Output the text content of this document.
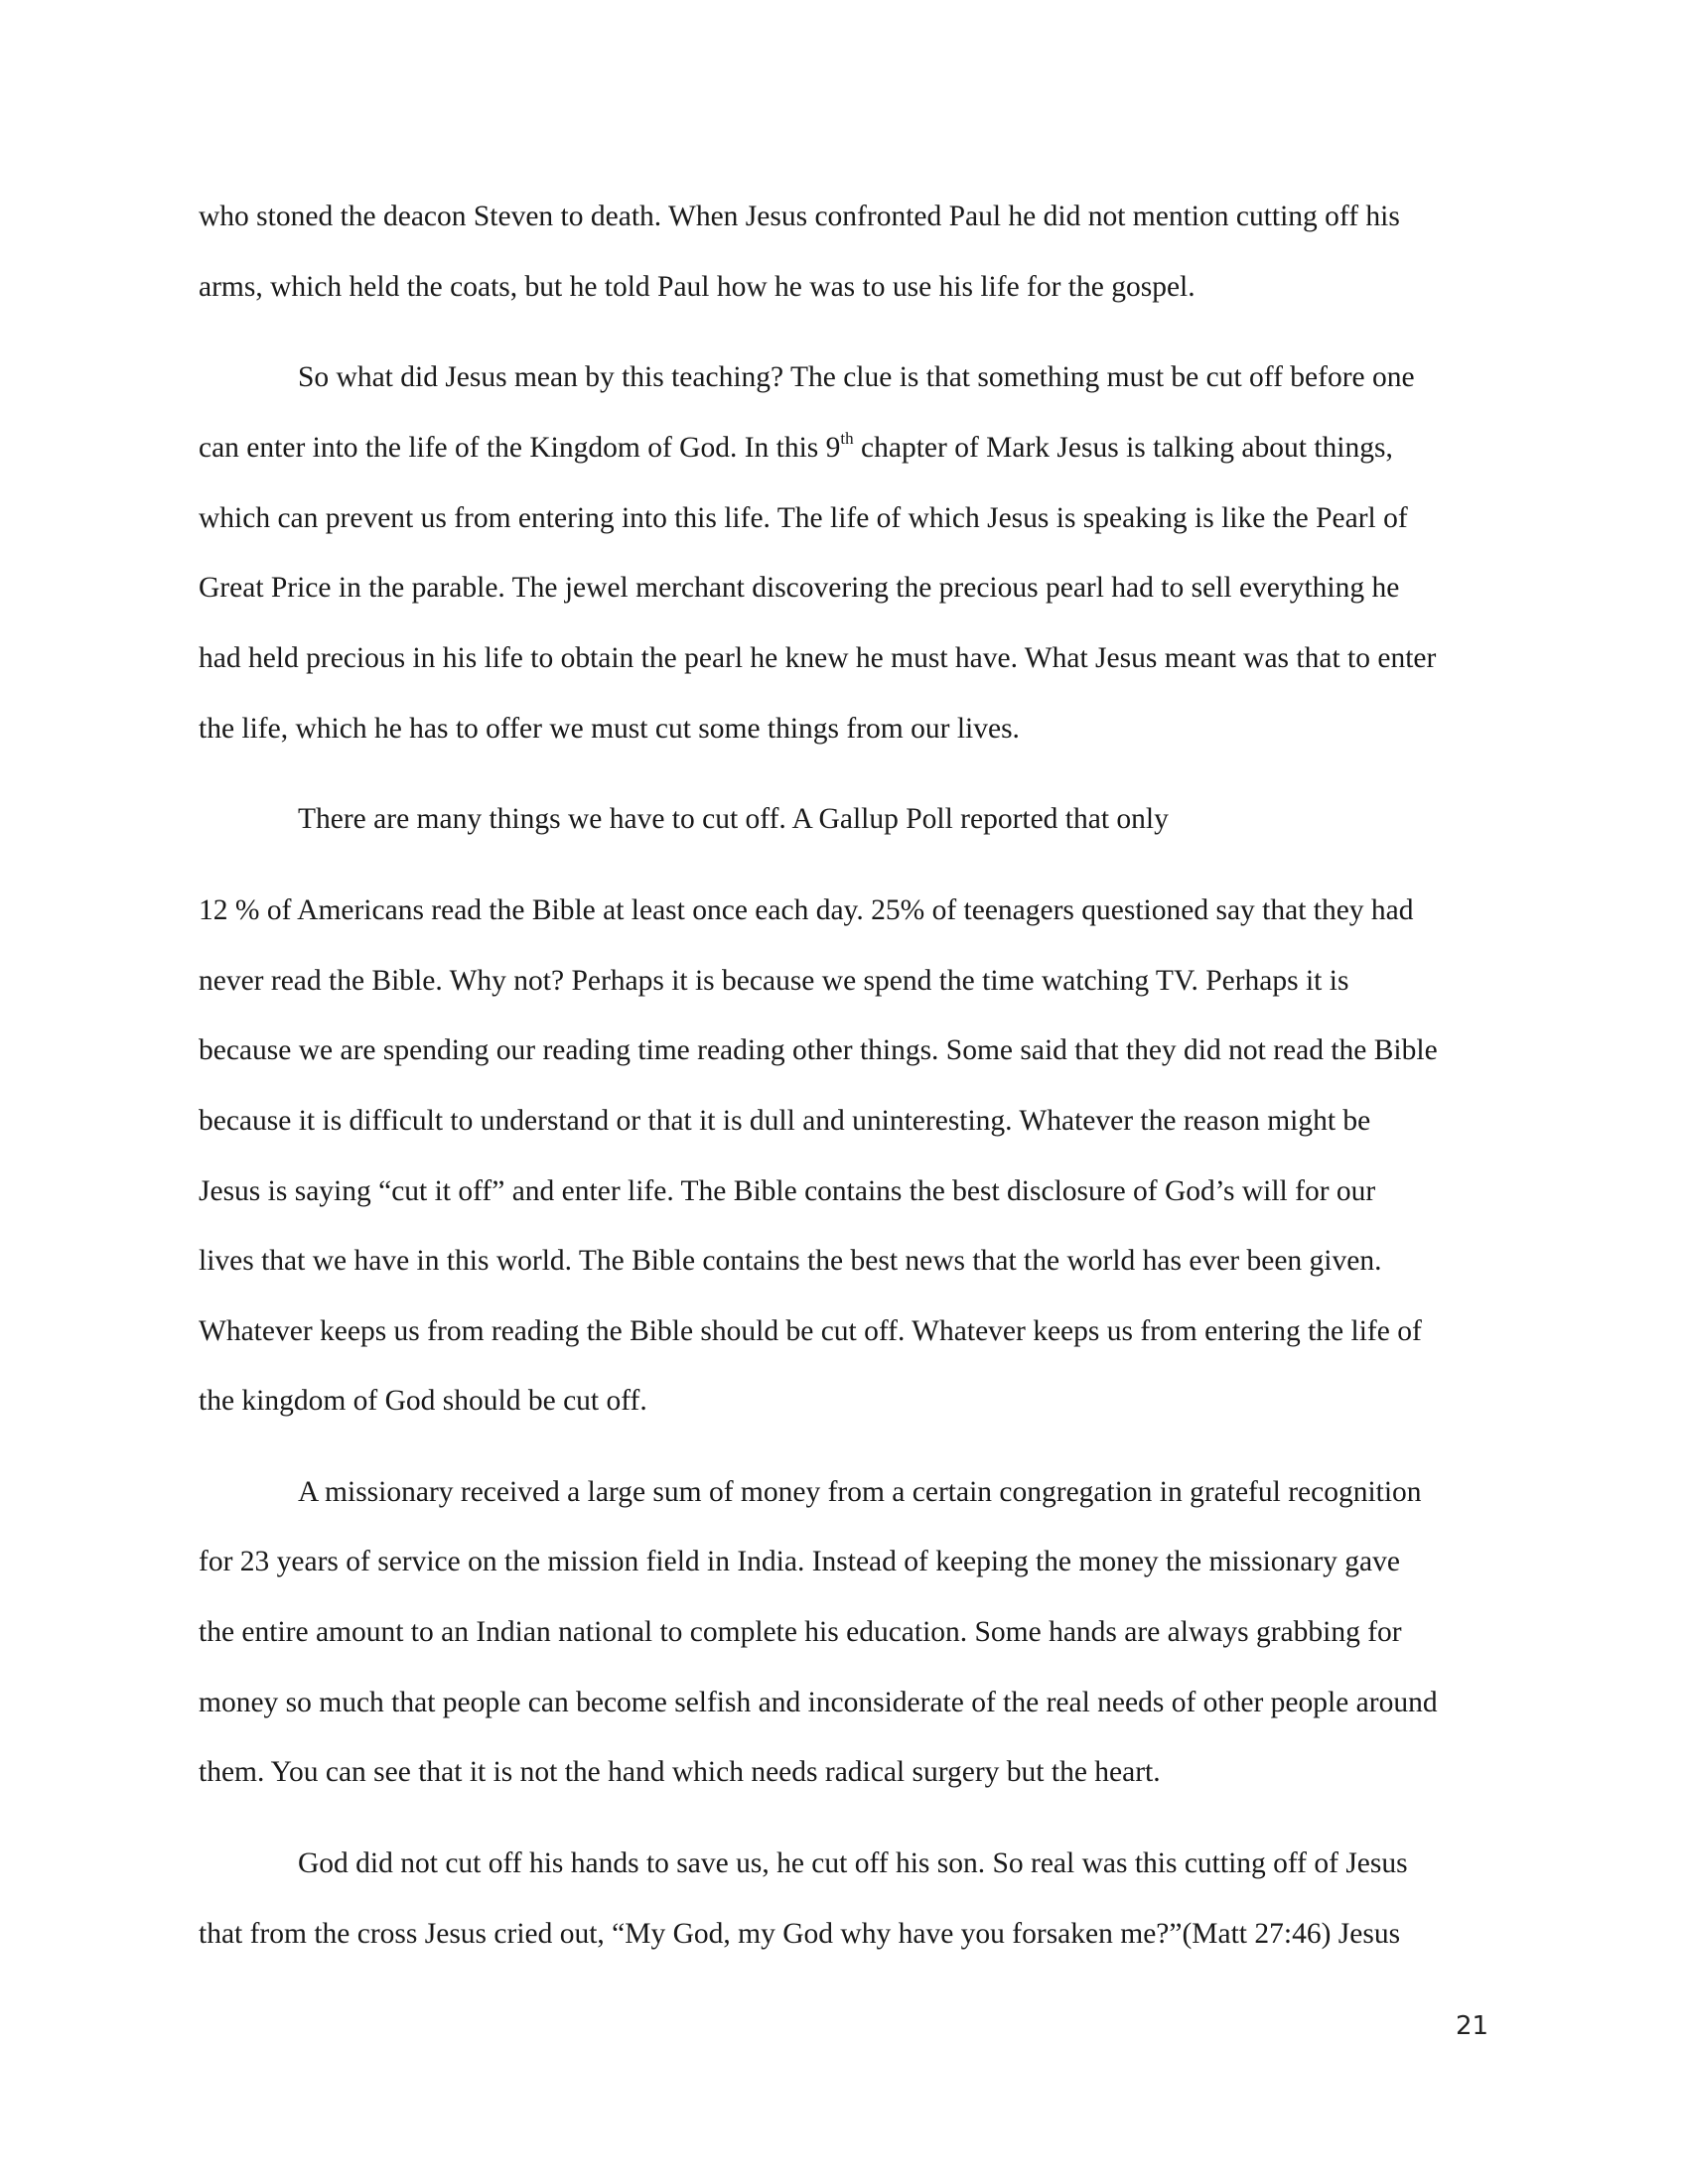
who stoned the deacon Steven to death. When Jesus confronted Paul he did not mention cutting off his
arms, which held the coats, but he told Paul how he was to use his life for the gospel.
So what did Jesus mean by this teaching? The clue is that something must be cut off before one
can enter into the life of the Kingdom of God. In this 9th chapter of Mark Jesus is talking about things,
which can prevent us from entering into this life. The life of which Jesus is speaking is like the Pearl of
Great Price in the parable. The jewel merchant discovering the precious pearl had to sell everything he
had held precious in his life to obtain the pearl he knew he must have. What Jesus meant was that to enter
the life, which he has to offer we must cut some things from our lives.
There are many things we have to cut off. A Gallup Poll reported that only
12 % of Americans read the Bible at least once each day. 25% of teenagers questioned say that they had
never read the Bible. Why not? Perhaps it is because we spend the time watching TV. Perhaps it is
because we are spending our reading time reading other things. Some said that they did not read the Bible
because it is difficult to understand or that it is dull and uninteresting. Whatever the reason might be
Jesus is saying “cut it off” and enter life. The Bible contains the best disclosure of God’s will for our
lives that we have in this world. The Bible contains the best news that the world has ever been given.
Whatever keeps us from reading the Bible should be cut off. Whatever keeps us from entering the life of
the kingdom of God should be cut off.
A missionary received a large sum of money from a certain congregation in grateful recognition
for 23 years of service on the mission field in India. Instead of keeping the money the missionary gave
the entire amount to an Indian national to complete his education. Some hands are always grabbing for
money so much that people can become selfish and inconsiderate of the real needs of other people around
them. You can see that it is not the hand which needs radical surgery but the heart.
God did not cut off his hands to save us, he cut off his son. So real was this cutting off of Jesus
that from the cross Jesus cried out, “My God, my God why have you forsaken me?”(Matt 27:46) Jesus
21
